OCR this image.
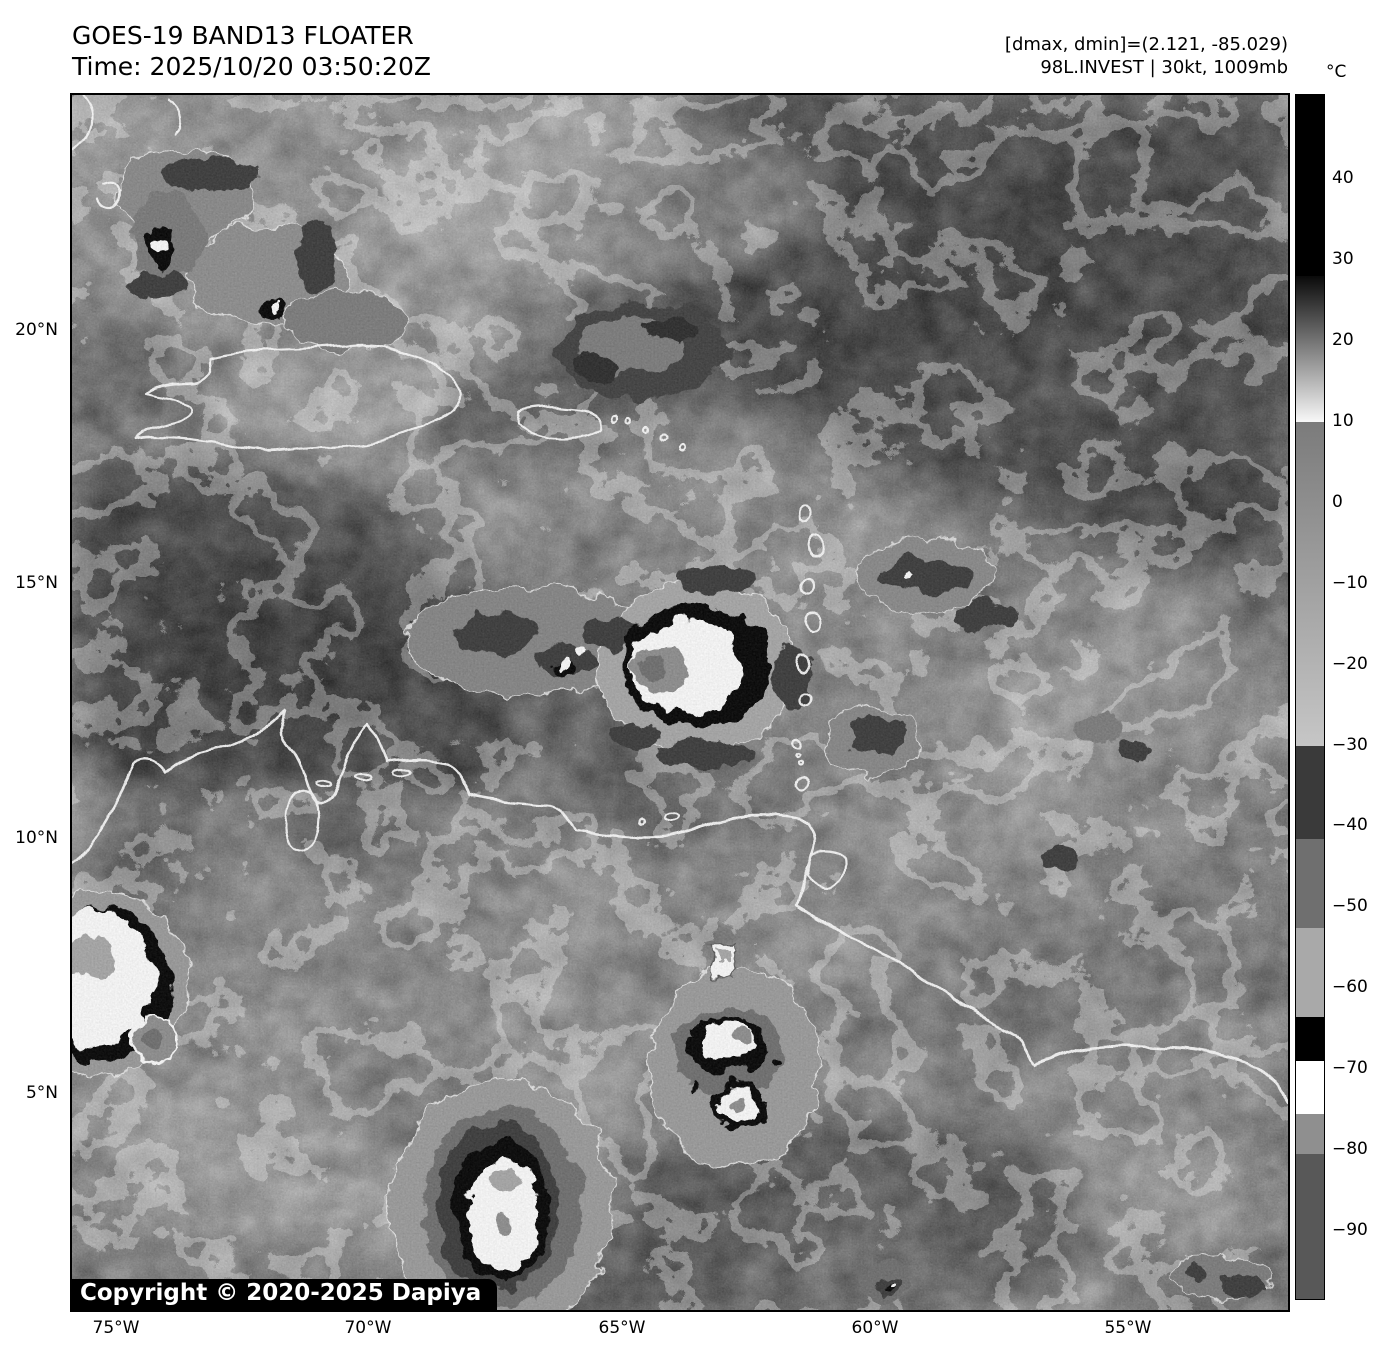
GOES-19 BAND13 FLOATER
Time: 2025/10/20 03:50:20Z
[dmax, dmin]=(2.121, -85.029)
98L.INVEST | 30kt, 1009mb °C
Copyright © 2020-2025 Dapiya
20°N
15°N
10°N
5°N
75°W	70°W	65°W	60°W	55°W
40
30
20
10
0
−10
−20
−30
−40
−50
−60
−70
−80
−90
